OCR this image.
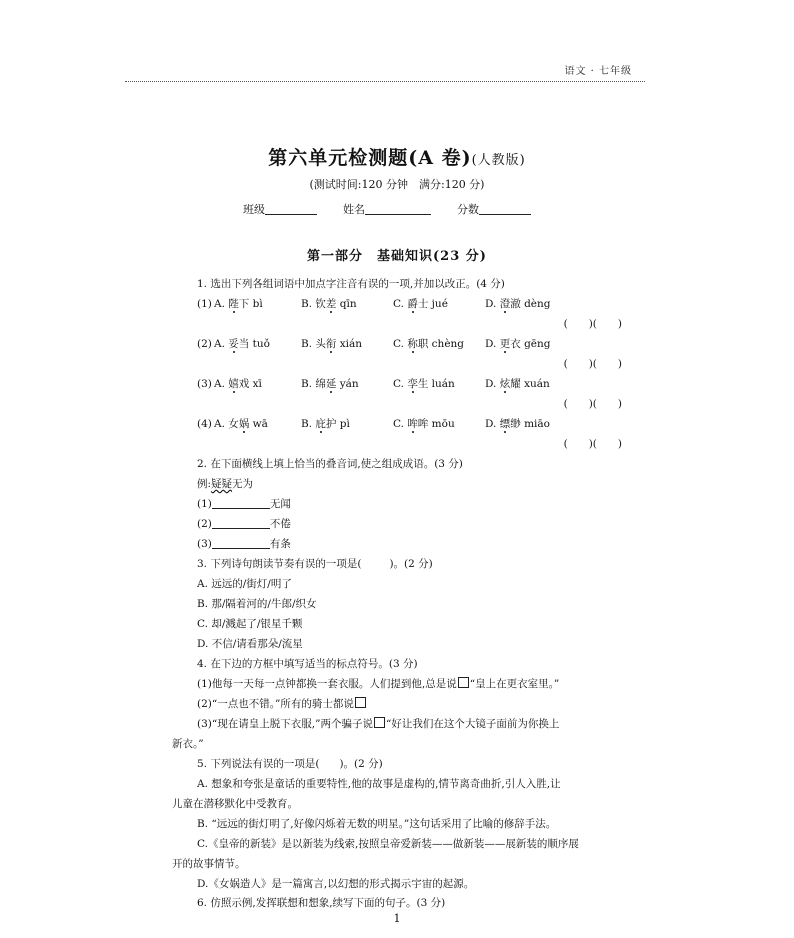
语文 · 七年级
第六单元检测题(A 卷)(人教版)
(测试时间:120 分钟　满分:120 分)
班级	姓名	分数
第一部分　基础知识(23 分)
1. 选出下列各组词语中加点字注音有误的一项,并加以改正。(4 分)
(1) A. 陛下 bì	B. 钦差 qīn	C. 爵士 jué	D. 澄澈 dèng
(　　)(　　)
(2) A. 妥当 tuǒ	B. 头衔 xián	C. 称职 chèng D. 更衣 gēng
(　　)(　　)
(3) A. 嬉戏 xī	B. 绵延 yán	C. 孪生 luán	D. 炫耀 xuán
(　　)(　　)
(4) A. 女娲 wā	B. 庇护 pì	C. 哞哞 mōu	D. 缥缈 miāo
(　　)(　　)
2. 在下面横线上填上恰当的叠音词,使之组成成语。(3 分)
例:疑疑无为
(1)	无闻
(2)	不倦
(3)	有条
3. 下列诗句朗读节奏有误的一项是(	)。(2 分)
A. 远远的/街灯/明了
B. 那/隔着河的/牛郎/织女
C. 却/溅起了/银星千颗
D. 不信/请看那朵/流星
4. 在下边的方框中填写适当的标点符号。(3 分)
(1)他每一天每一点钟都换一套衣服。人们提到他,总是说 “皇上在更衣室里。”
(2)“一点也不错。”所有的骑士都说
(3)“现在请皇上脱下衣服,”两个骗子说 “好让我们在这个大镜子面前为你换上
新衣。”
5. 下列说法有误的一项是( )。(2 分)
A. 想象和夸张是童话的重要特性,他的故事是虚构的,情节离奇曲折,引人入胜,让
儿童在潜移默化中受教育。
B. “远远的街灯明了,好像闪烁着无数的明星。”这句话采用了比喻的修辞手法。
C.《皇帝的新装》是以新装为线索,按照皇帝爱新装——做新装——展新装的顺序展
开的故事情节。
D.《女娲造人》是一篇寓言,以幻想的形式揭示宇宙的起源。
6. 仿照示例,发挥联想和想象,续写下面的句子。(3 分)
1
